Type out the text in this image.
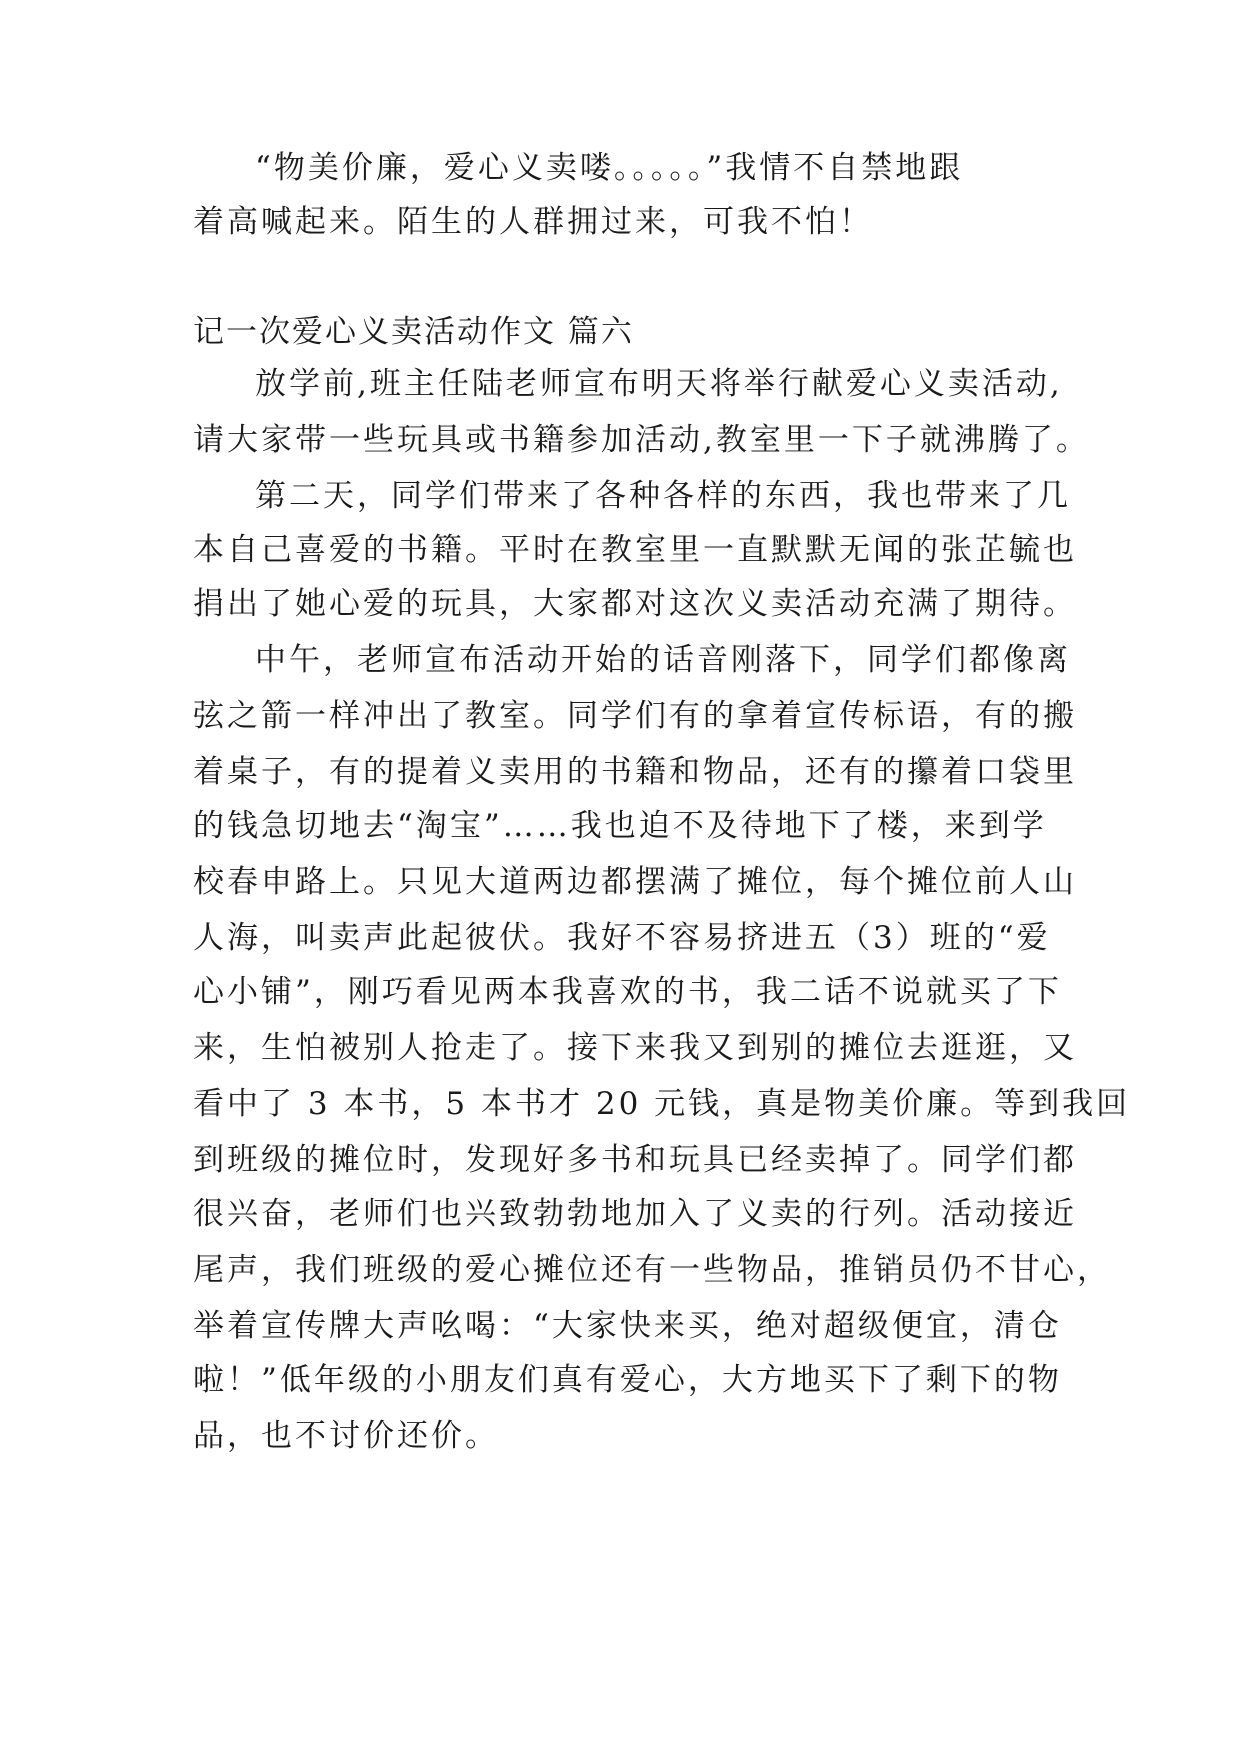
“物美价廉，爱心义卖喽。。。。。”我情不自禁地跟
着高喊起来。陌生的人群拥过来，可我不怕！
记一次爱心义卖活动作文 篇六
放学前,班主任陆老师宣布明天将举行献爱心义卖活动,
请大家带一些玩具或书籍参加活动,教室里一下子就沸腾了。
第二天，同学们带来了各种各样的东西，我也带来了几
本自己喜爱的书籍。平时在教室里一直默默无闻的张芷毓也
捐出了她心爱的玩具，大家都对这次义卖活动充满了期待。
中午，老师宣布活动开始的话音刚落下，同学们都像离
弦之箭一样冲出了教室。同学们有的拿着宣传标语，有的搬
着桌子，有的提着义卖用的书籍和物品，还有的攥着口袋里
的钱急切地去“淘宝”……我也迫不及待地下了楼，来到学
校春申路上。只见大道两边都摆满了摊位，每个摊位前人山
人海，叫卖声此起彼伏。我好不容易挤进五（3）班的“爱
心小铺”，刚巧看见两本我喜欢的书，我二话不说就买了下
来，生怕被别人抢走了。接下来我又到别的摊位去逛逛，又
看中了 3 本书，5 本书才 20 元钱，真是物美价廉。等到我回
到班级的摊位时，发现好多书和玩具已经卖掉了。同学们都
很兴奋，老师们也兴致勃勃地加入了义卖的行列。活动接近
尾声，我们班级的爱心摊位还有一些物品，推销员仍不甘心，
举着宣传牌大声吆喝：“大家快来买，绝对超级便宜，清仓
啦！”低年级的小朋友们真有爱心，大方地买下了剩下的物
品，也不讨价还价。
